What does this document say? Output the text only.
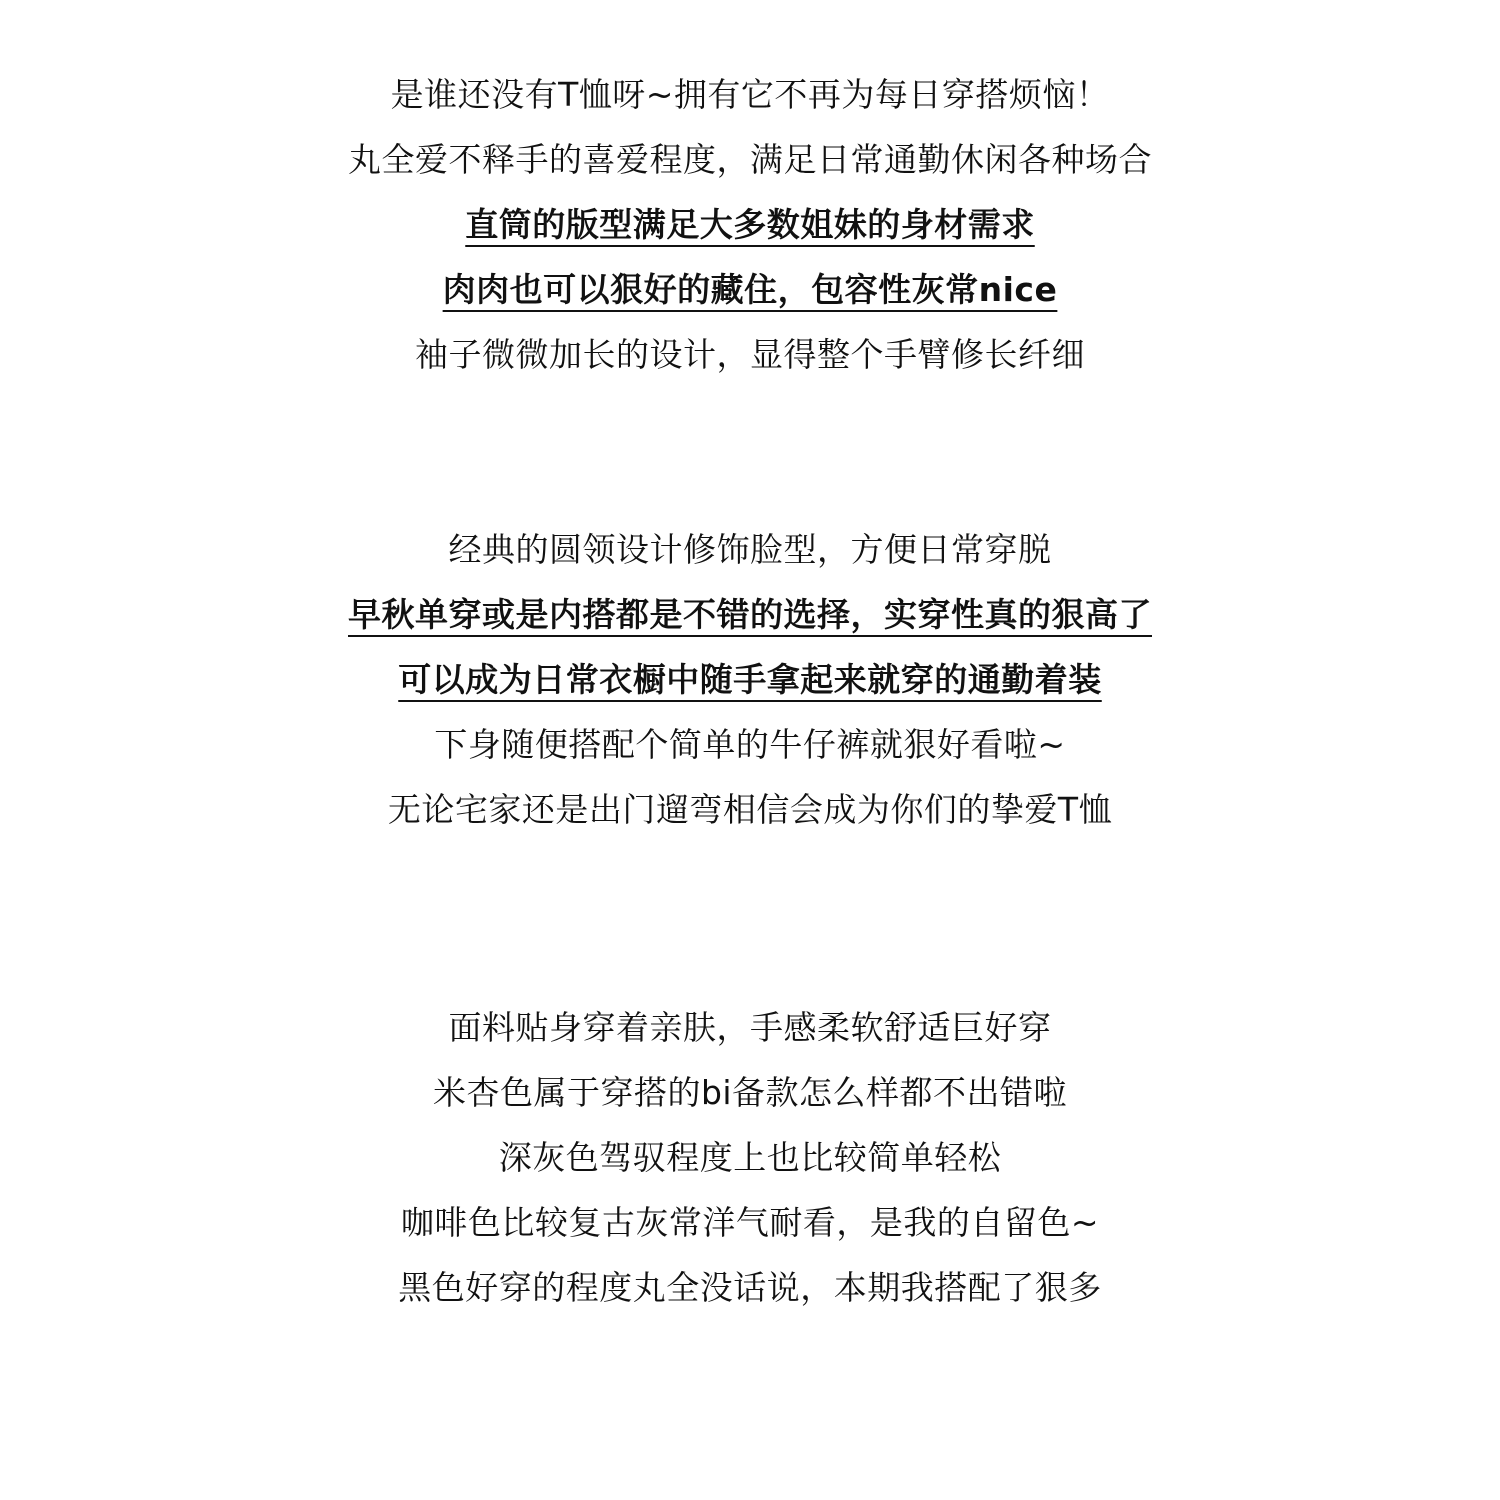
是谁还没有T恤呀~拥有它不再为每日穿搭烦恼！
丸全爱不释手的喜爱程度，满足日常通勤休闲各种场合
直筒的版型满足大多数姐妹的身材需求
肉肉也可以狠好的藏住，包容性灰常nice
袖子微微加长的设计，显得整个手臂修长纤细
经典的圆领设计修饰脸型，方便日常穿脱
早秋单穿或是内搭都是不错的选择，实穿性真的狠高了
可以成为日常衣橱中随手拿起来就穿的通勤着装
下身随便搭配个简单的牛仔裤就狠好看啦~
无论宅家还是出门遛弯相信会成为你们的挚爱T恤
面料贴身穿着亲肤，手感柔软舒适巨好穿
米杏色属于穿搭的bi备款怎么样都不出错啦
深灰色驾驭程度上也比较简单轻松
咖啡色比较复古灰常洋气耐看，是我的自留色~
黑色好穿的程度丸全没话说，本期我搭配了狠多
